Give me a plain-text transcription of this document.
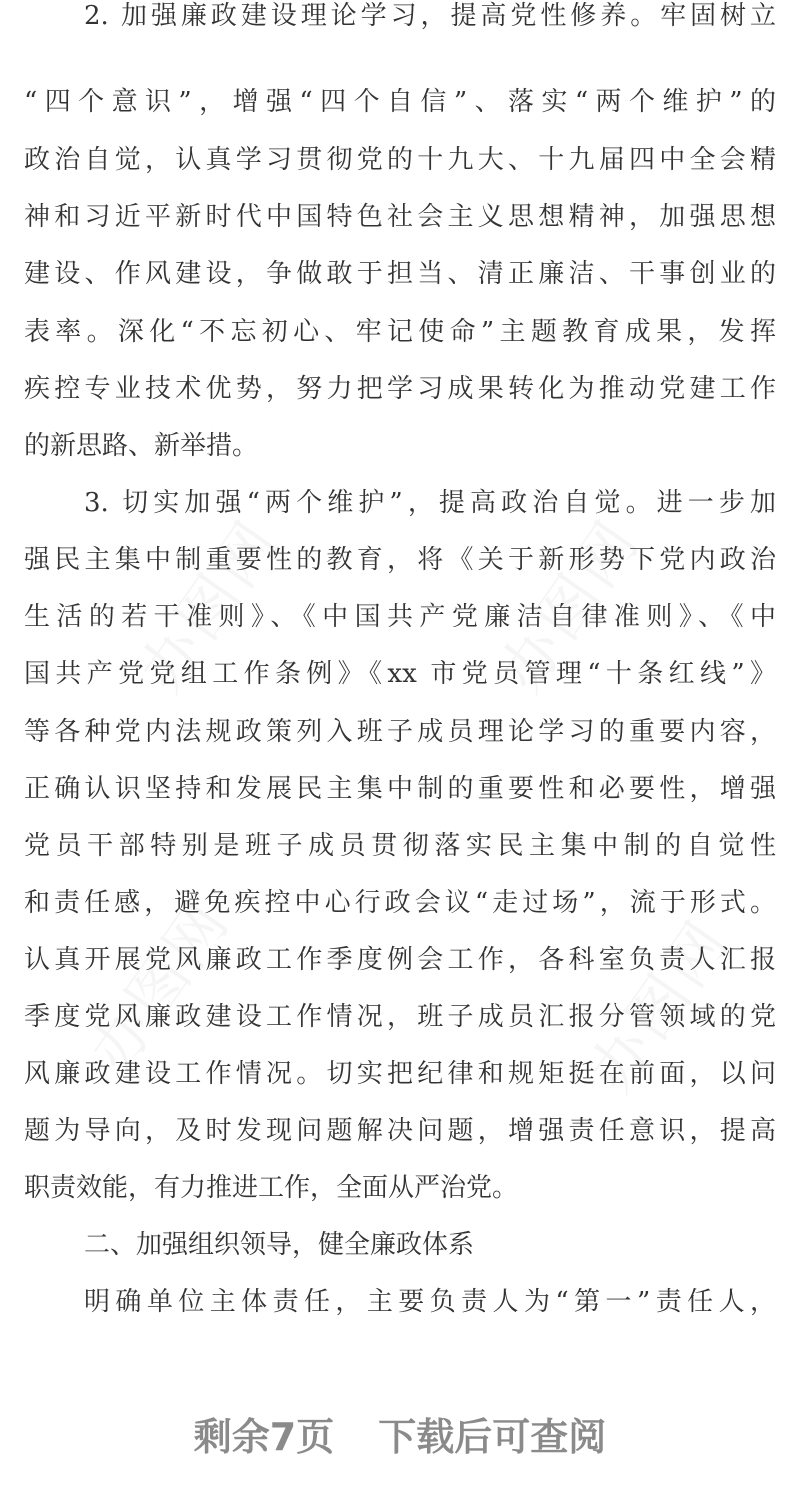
办图网	办图网
办图网	办图网
2. 加强廉政建设理论学习，提高党性修养。牢固树立
“四个意识”，增强“四个自信”、落实“两个维护”的
政治自觉，认真学习贯彻党的十九大、十九届四中全会精
神和习近平新时代中国特色社会主义思想精神，加强思想
建设、作风建设，争做敢于担当、清正廉洁、干事创业的
表率。深化“不忘初心、牢记使命”主题教育成果，发挥
疾控专业技术优势，努力把学习成果转化为推动党建工作
的新思路、新举措。
3. 切实加强“两个维护”，提高政治自觉。进一步加
强民主集中制重要性的教育，将《关于新形势下党内政治
生活的若干准则》、《中国共产党廉洁自律准则》、《中
国共产党党组工作条例》《xx 市党员管理“十条红线”》
等各种党内法规政策列入班子成员理论学习的重要内容，
正确认识坚持和发展民主集中制的重要性和必要性，增强
党员干部特别是班子成员贯彻落实民主集中制的自觉性
和责任感，避免疾控中心行政会议“走过场”，流于形式。
认真开展党风廉政工作季度例会工作，各科室负责人汇报
季度党风廉政建设工作情况，班子成员汇报分管领域的党
风廉政建设工作情况。切实把纪律和规矩挺在前面，以问
题为导向，及时发现问题解决问题，增强责任意识，提高
职责效能，有力推进工作，全面从严治党。
二、加强组织领导，健全廉政体系
明确单位主体责任，主要负责人为“第一”责任人，
剩余7页 下载后可查阅
